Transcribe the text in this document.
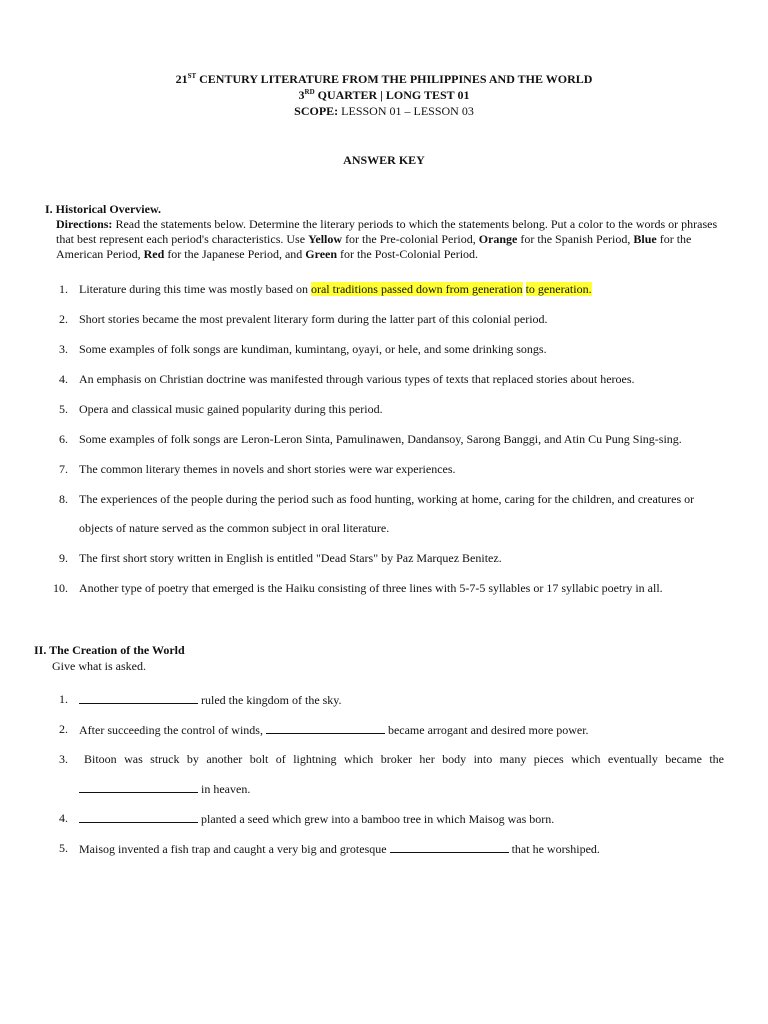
21ST CENTURY LITERATURE FROM THE PHILIPPINES AND THE WORLD
3RD QUARTER | LONG TEST 01
SCOPE: LESSON 01 – LESSON 03
ANSWER KEY
I. Historical Overview.
Directions: Read the statements below. Determine the literary periods to which the statements belong. Put a color to the words or phrases that best represent each period's characteristics. Use Yellow for the Pre-colonial Period, Orange for the Spanish Period, Blue for the American Period, Red for the Japanese Period, and Green for the Post-Colonial Period.
1. Literature during this time was mostly based on oral traditions passed down from generation to generation.
2. Short stories became the most prevalent literary form during the latter part of this colonial period.
3. Some examples of folk songs are kundiman, kumintang, oyayi, or hele, and some drinking songs.
4. An emphasis on Christian doctrine was manifested through various types of texts that replaced stories about heroes.
5. Opera and classical music gained popularity during this period.
6. Some examples of folk songs are Leron-Leron Sinta, Pamulinawen, Dandansoy, Sarong Banggi, and Atin Cu Pung Sing-sing.
7. The common literary themes in novels and short stories were war experiences.
8. The experiences of the people during the period such as food hunting, working at home, caring for the children, and creatures or
objects of nature served as the common subject in oral literature.
9. The first short story written in English is entitled "Dead Stars" by Paz Marquez Benitez.
10. Another type of poetry that emerged is the Haiku consisting of three lines with 5-7-5 syllables or 17 syllabic poetry in all.
II. The Creation of the World
Give what is asked.
1.	ruled the kingdom of the sky.
2. After succeeding the control of winds,	became arrogant and desired more power.
3. Bitoon was struck by another bolt of lightning which broker her body into many pieces which eventually became the
in heaven.
4.	planted a seed which grew into a bamboo tree in which Maisog was born.
5. Maisog invented a fish trap and caught a very big and grotesque	that he worshiped.
